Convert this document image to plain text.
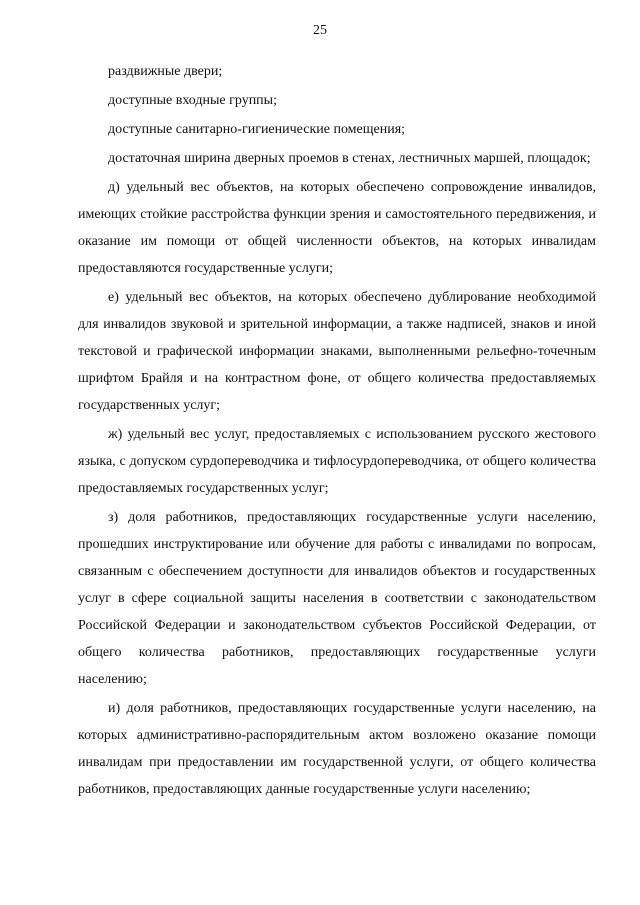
25

раздвижные двери;

доступные входные группы;

доступные санитарно-гигиенические помещения;

достаточная ширина дверных проемов в стенах, лестничных маршей, площадок;

д) удельный вес объектов, на которых обеспечено сопровождение инвалидов, имеющих стойкие расстройства функции зрения и самостоятельного передвижения, и оказание им помощи от общей численности объектов, на которых инвалидам предоставляются государственные услуги;

е) удельный вес объектов, на которых обеспечено дублирование необходимой для инвалидов звуковой и зрительной информации, а также надписей, знаков и иной текстовой и графической информации знаками, выполненными рельефно-точечным шрифтом Брайля и на контрастном фоне, от общего количества предоставляемых государственных услуг;

ж) удельный вес услуг, предоставляемых с использованием русского жестового языка, с допуском сурдопереводчика и тифлосурдопереводчика, от общего количества предоставляемых государственных услуг;

з) доля работников, предоставляющих государственные услуги населению, прошедших инструктирование или обучение для работы с инвалидами по вопросам, связанным с обеспечением доступности для инвалидов объектов и государственных услуг в сфере социальной защиты населения в соответствии с законодательством Российской Федерации и законодательством субъектов Российской Федерации, от общего количества работников, предоставляющих государственные услуги населению;

и) доля работников, предоставляющих государственные услуги населению, на которых административно-распорядительным актом возложено оказание помощи инвалидам при предоставлении им государственной услуги, от общего количества работников, предоставляющих данные государственные услуги населению;
